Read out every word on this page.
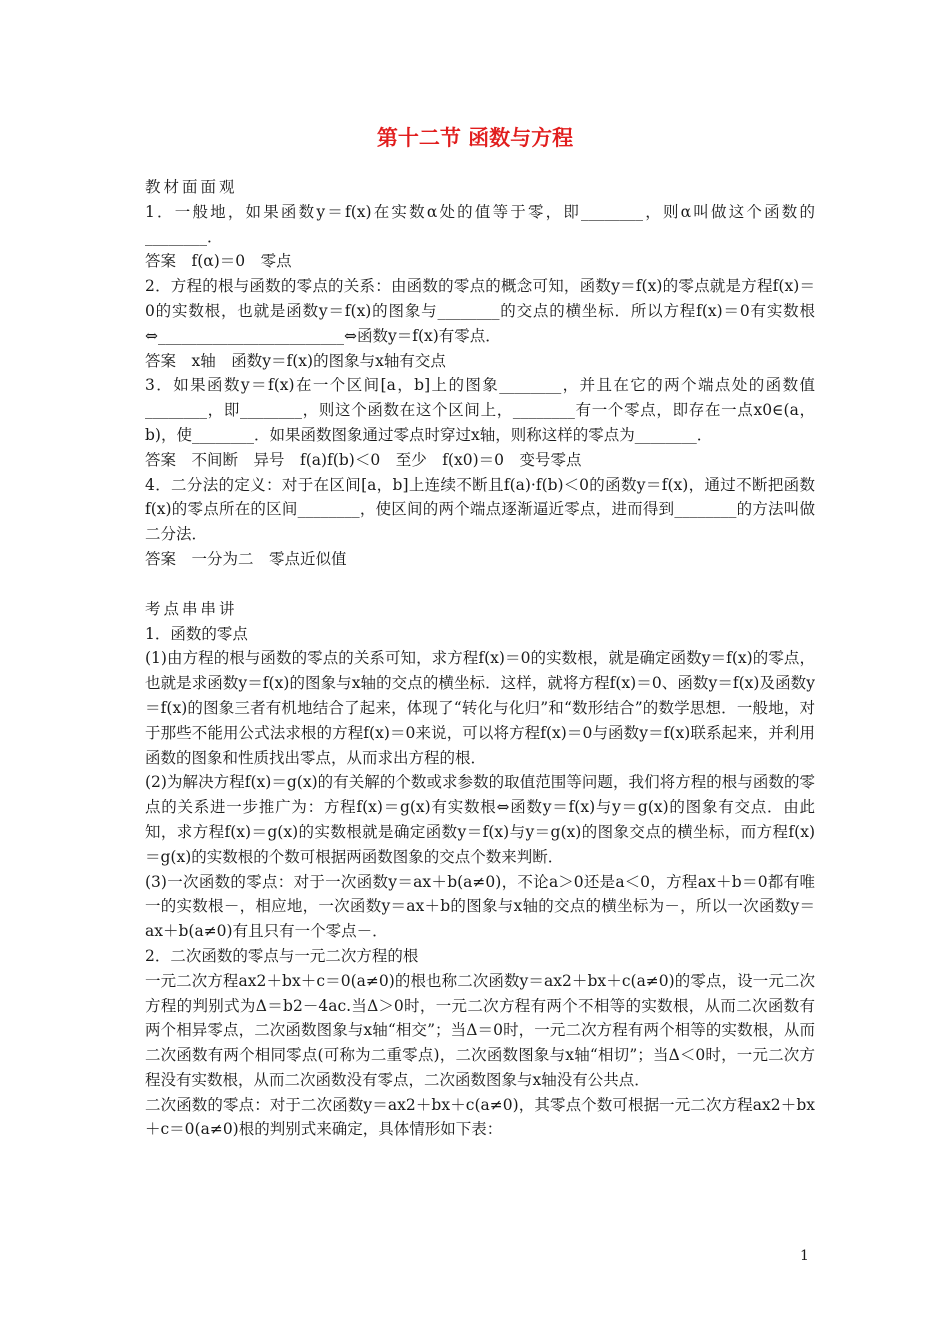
第十二节 函数与方程

教材面面观

1．一般地，如果函数y＝f(x)在实数α处的值等于零，即________，则α叫做这个函数的________．

答案　f(α)＝0　零点

2．方程的根与函数的零点的关系：由函数的零点的概念可知，函数y＝f(x)的零点就是方程f(x)＝0的实数根，也就是函数y＝f(x)的图象与________的交点的横坐标．所以方程f(x)＝0有实数根⇔________________________⇔函数y＝f(x)有零点．

答案　x轴　函数y＝f(x)的图象与x轴有交点

3．如果函数y＝f(x)在一个区间[a，b]上的图象________，并且在它的两个端点处的函数值________，即________，则这个函数在这个区间上，________有一个零点，即存在一点x0∈(a，b)，使________．如果函数图象通过零点时穿过x轴，则称这样的零点为________．

答案　不间断　异号　f(a)f(b)＜0　至少　f(x0)＝0　变号零点

4．二分法的定义：对于在区间[a，b]上连续不断且f(a)·f(b)＜0的函数y＝f(x)，通过不断把函数f(x)的零点所在的区间________，使区间的两个端点逐渐逼近零点，进而得到________的方法叫做二分法．

答案　一分为二　零点近似值

考点串串讲

1．函数的零点

(1)由方程的根与函数的零点的关系可知，求方程f(x)＝0的实数根，就是确定函数y＝f(x)的零点，也就是求函数y＝f(x)的图象与x轴的交点的横坐标．这样，就将方程f(x)＝0、函数y＝f(x)及函数y＝f(x)的图象三者有机地结合了起来，体现了“转化与化归”和“数形结合”的数学思想．一般地，对于那些不能用公式法求根的方程f(x)＝0来说，可以将方程f(x)＝0与函数y＝f(x)联系起来，并利用函数的图象和性质找出零点，从而求出方程的根．

(2)为解决方程f(x)＝g(x)的有关解的个数或求参数的取值范围等问题，我们将方程的根与函数的零点的关系进一步推广为：方程f(x)＝g(x)有实数根⇔函数y＝f(x)与y＝g(x)的图象有交点．由此知，求方程f(x)＝g(x)的实数根就是确定函数y＝f(x)与y＝g(x)的图象交点的横坐标，而方程f(x)＝g(x)的实数根的个数可根据两函数图象的交点个数来判断．

(3)一次函数的零点：对于一次函数y＝ax＋b(a≠0)，不论a＞0还是a＜0，方程ax＋b＝0都有唯一的实数根－，相应地，一次函数y＝ax＋b的图象与x轴的交点的横坐标为－，所以一次函数y＝ax＋b(a≠0)有且只有一个零点－．

2．二次函数的零点与一元二次方程的根

一元二次方程ax2＋bx＋c＝0(a≠0)的根也称二次函数y＝ax2＋bx＋c(a≠0)的零点，设一元二次方程的判别式为Δ＝b2－4ac.当Δ＞0时，一元二次方程有两个不相等的实数根，从而二次函数有两个相异零点，二次函数图象与x轴“相交”；当Δ＝0时，一元二次方程有两个相等的实数根，从而二次函数有两个相同零点(可称为二重零点)，二次函数图象与x轴“相切”；当Δ＜0时，一元二次方程没有实数根，从而二次函数没有零点，二次函数图象与x轴没有公共点．

二次函数的零点：对于二次函数y＝ax2＋bx＋c(a≠0)，其零点个数可根据一元二次方程ax2＋bx＋c＝0(a≠0)根的判别式来确定，具体情形如下表：

1
